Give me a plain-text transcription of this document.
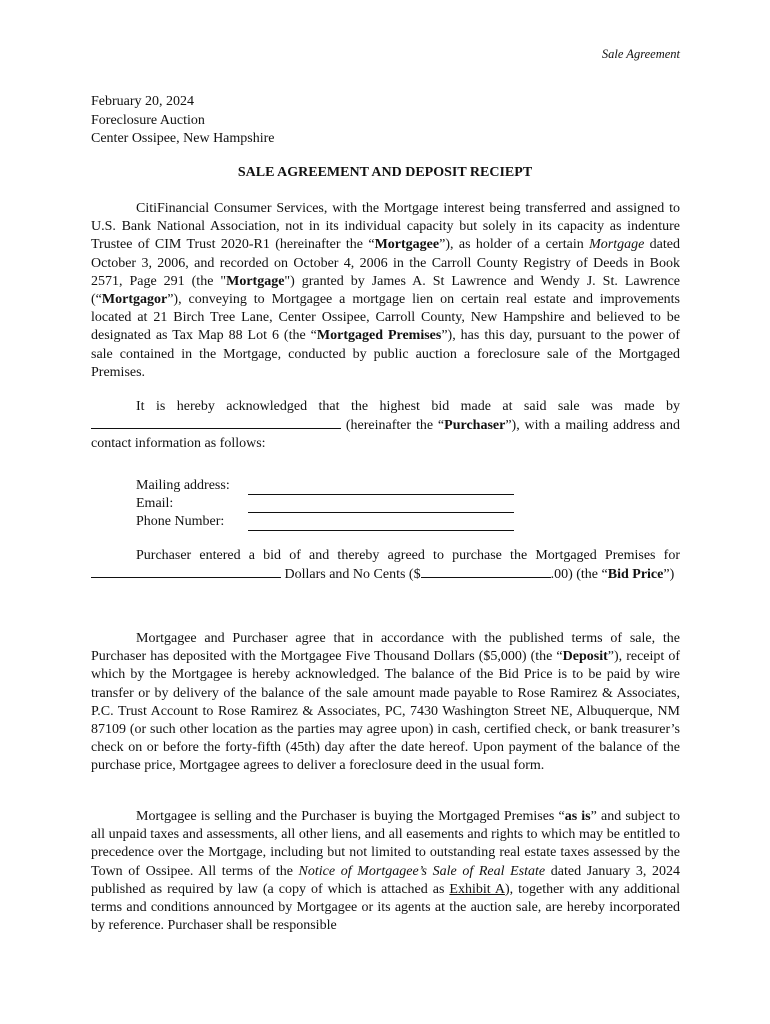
Sale Agreement
February 20, 2024
Foreclosure Auction
Center Ossipee, New Hampshire
SALE AGREEMENT AND DEPOSIT RECIEPT

CitiFinancial Consumer Services, with the Mortgage interest being transferred and assigned to U.S. Bank National Association, not in its individual capacity but solely in its capacity as indenture Trustee of CIM Trust 2020-R1 (hereinafter the “Mortgagee”), as holder of a certain Mortgage dated October 3, 2006, and recorded on October 4, 2006 in the Carroll County Registry of Deeds in Book 2571, Page 291 (the "Mortgage") granted by James A. St Lawrence and Wendy J. St. Lawrence (“Mortgagor”), conveying to Mortgagee a mortgage lien on certain real estate and improvements located at 21 Birch Tree Lane, Center Ossipee, Carroll County, New Hampshire and believed to be designated as Tax Map 88 Lot 6 (the “Mortgaged Premises”), has this day, pursuant to the power of sale contained in the Mortgage, conducted by public auction a foreclosure sale of the Mortgaged Premises.

It is hereby acknowledged that the highest bid made at said sale was made by  (hereinafter the “Purchaser”), with a mailing address and contact information as follows:

Mailing address:
Email:
Phone Number:

Purchaser entered a bid of and thereby agreed to purchase the Mortgaged Premises for  Dollars and No Cents ($	.00) (the “Bid Price”)

Mortgagee and Purchaser agree that in accordance with the published terms of sale, the Purchaser has deposited with the Mortgagee Five Thousand Dollars ($5,000) (the “Deposit”), receipt of which by the Mortgagee is hereby acknowledged. The balance of the Bid Price is to be paid by wire transfer or by delivery of the balance of the sale amount made payable to Rose Ramirez & Associates, P.C. Trust Account to Rose Ramirez & Associates, PC, 7430 Washington Street NE, Albuquerque, NM 87109 (or such other location as the parties may agree upon) in cash, certified check, or bank treasurer’s check on or before the forty-fifth (45th) day after the date hereof. Upon payment of the balance of the purchase price, Mortgagee agrees to deliver a foreclosure deed in the usual form.

Mortgagee is selling and the Purchaser is buying the Mortgaged Premises “as is” and subject to all unpaid taxes and assessments, all other liens, and all easements and rights to which may be entitled to precedence over the Mortgage, including but not limited to outstanding real estate taxes assessed by the Town of Ossipee. All terms of the Notice of Mortgagee’s Sale of Real Estate dated January 3, 2024 published as required by law (a copy of which is attached as Exhibit A), together with any additional terms and conditions announced by Mortgagee or its agents at the auction sale, are hereby incorporated by reference. Purchaser shall be responsible
